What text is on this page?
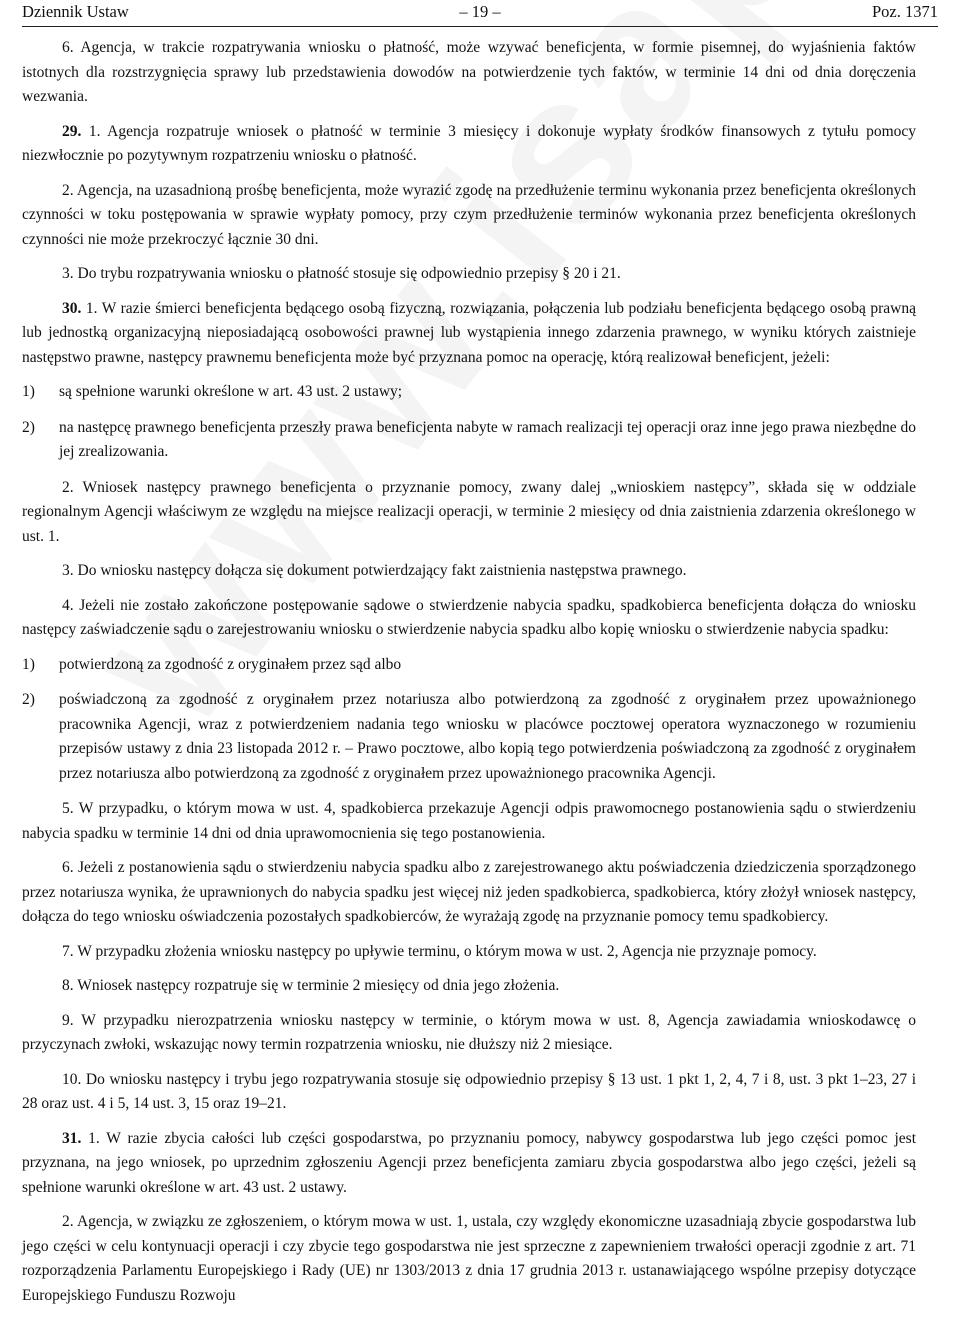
Dziennik Ustaw	– 19 –	Poz. 1371

6. Agencja, w trakcie rozpatrywania wniosku o płatność, może wzywać beneficjenta, w formie pisemnej, do wyjaśnienia faktów istotnych dla rozstrzygnięcia sprawy lub przedstawienia dowodów na potwierdzenie tych faktów, w terminie 14 dni od dnia doręczenia wezwania.

29. 1. Agencja rozpatruje wniosek o płatność w terminie 3 miesięcy i dokonuje wypłaty środków finansowych z tytułu pomocy niezwłocznie po pozytywnym rozpatrzeniu wniosku o płatność.

2. Agencja, na uzasadnioną prośbę beneficjenta, może wyrazić zgodę na przedłużenie terminu wykonania przez beneficjenta określonych czynności w toku postępowania w sprawie wypłaty pomocy, przy czym przedłużenie terminów wykonania przez beneficjenta określonych czynności nie może przekroczyć łącznie 30 dni.

3. Do trybu rozpatrywania wniosku o płatność stosuje się odpowiednio przepisy § 20 i 21.

30. 1. W razie śmierci beneficjenta będącego osobą fizyczną, rozwiązania, połączenia lub podziału beneficjenta będącego osobą prawną lub jednostką organizacyjną nieposiadającą osobowości prawnej lub wystąpienia innego zdarzenia prawnego, w wyniku których zaistnieje następstwo prawne, następcy prawnemu beneficjenta może być przyznana pomoc na operację, którą realizował beneficjent, jeżeli:

1)	są spełnione warunki określone w art. 43 ust. 2 ustawy;
2)	na następcę prawnego beneficjenta przeszły prawa beneficjenta nabyte w ramach realizacji tej operacji oraz inne jego prawa niezbędne do jej zrealizowania.

2. Wniosek następcy prawnego beneficjenta o przyznanie pomocy, zwany dalej „wnioskiem następcy”, składa się w oddziale regionalnym Agencji właściwym ze względu na miejsce realizacji operacji, w terminie 2 miesięcy od dnia zaistnienia zdarzenia określonego w ust. 1.

3. Do wniosku następcy dołącza się dokument potwierdzający fakt zaistnienia następstwa prawnego.

4. Jeżeli nie zostało zakończone postępowanie sądowe o stwierdzenie nabycia spadku, spadkobierca beneficjenta dołącza do wniosku następcy zaświadczenie sądu o zarejestrowaniu wniosku o stwierdzenie nabycia spadku albo kopię wniosku o stwierdzenie nabycia spadku:

1)	potwierdzoną za zgodność z oryginałem przez sąd albo
2)	poświadczoną za zgodność z oryginałem przez notariusza albo potwierdzoną za zgodność z oryginałem przez upoważnionego pracownika Agencji, wraz z potwierdzeniem nadania tego wniosku w placówce pocztowej operatora wyznaczonego w rozumieniu przepisów ustawy z dnia 23 listopada 2012 r. – Prawo pocztowe, albo kopią tego potwierdzenia poświadczoną za zgodność z oryginałem przez notariusza albo potwierdzoną za zgodność z oryginałem przez upoważnionego pracownika Agencji.

5. W przypadku, o którym mowa w ust. 4, spadkobierca przekazuje Agencji odpis prawomocnego postanowienia sądu o stwierdzeniu nabycia spadku w terminie 14 dni od dnia uprawomocnienia się tego postanowienia.

6. Jeżeli z postanowienia sądu o stwierdzeniu nabycia spadku albo z zarejestrowanego aktu poświadczenia dziedziczenia sporządzonego przez notariusza wynika, że uprawnionych do nabycia spadku jest więcej niż jeden spadkobierca, spadkobierca, który złożył wniosek następcy, dołącza do tego wniosku oświadczenia pozostałych spadkobierców, że wyrażają zgodę na przyznanie pomocy temu spadkobiercy.

7. W przypadku złożenia wniosku następcy po upływie terminu, o którym mowa w ust. 2, Agencja nie przyznaje pomocy.

8. Wniosek następcy rozpatruje się w terminie 2 miesięcy od dnia jego złożenia.

9. W przypadku nierozpatrzenia wniosku następcy w terminie, o którym mowa w ust. 8, Agencja zawiadamia wnioskodawcę o przyczynach zwłoki, wskazując nowy termin rozpatrzenia wniosku, nie dłuższy niż 2 miesiące.

10. Do wniosku następcy i trybu jego rozpatrywania stosuje się odpowiednio przepisy § 13 ust. 1 pkt 1, 2, 4, 7 i 8, ust. 3 pkt 1–23, 27 i 28 oraz ust. 4 i 5, 14 ust. 3, 15 oraz 19–21.

31. 1. W razie zbycia całości lub części gospodarstwa, po przyznaniu pomocy, nabywcy gospodarstwa lub jego części pomoc jest przyznana, na jego wniosek, po uprzednim zgłoszeniu Agencji przez beneficjenta zamiaru zbycia gospodarstwa albo jego części, jeżeli są spełnione warunki określone w art. 43 ust. 2 ustawy.

2. Agencja, w związku ze zgłoszeniem, o którym mowa w ust. 1, ustala, czy względy ekonomiczne uzasadniają zbycie gospodarstwa lub jego części w celu kontynuacji operacji i czy zbycie tego gospodarstwa nie jest sprzeczne z zapewnieniem trwałości operacji zgodnie z art. 71 rozporządzenia Parlamentu Europejskiego i Rady (UE) nr 1303/2013 z dnia 17 grudnia 2013 r. ustanawiającego wspólne przepisy dotyczące Europejskiego Funduszu Rozwoju
